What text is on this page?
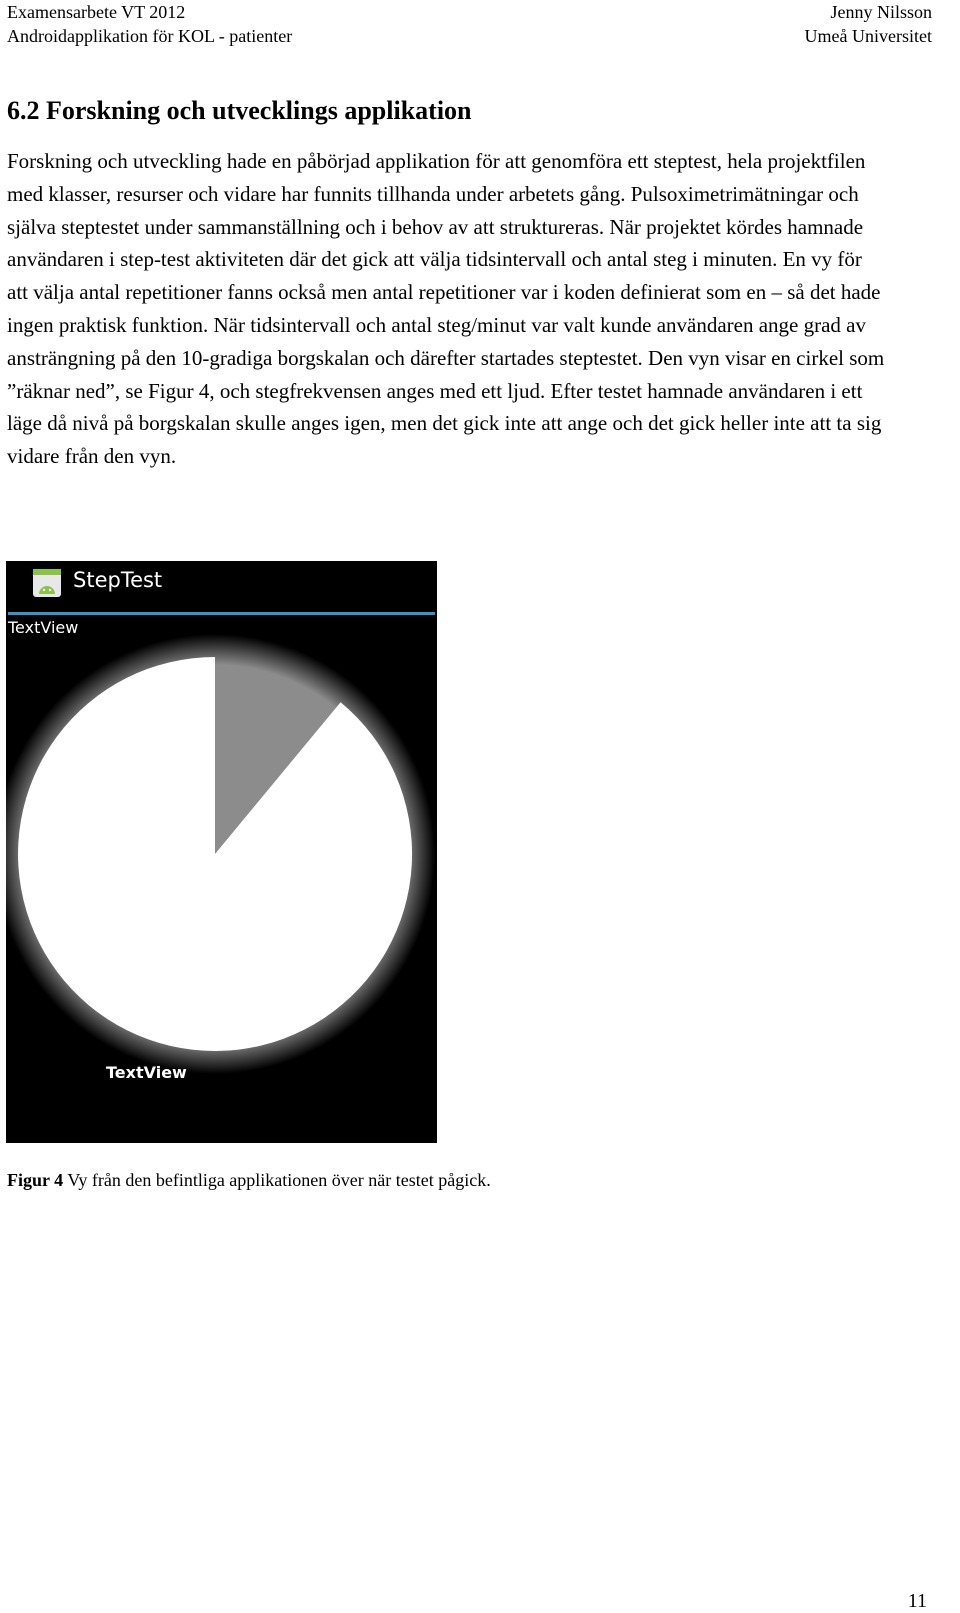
Examensarbete VT 2012
Androidapplikation för KOL - patienter
Jenny Nilsson
Umeå Universitet
6.2 Forskning och utvecklings applikation

Forskning och utveckling hade en påbörjad applikation för att genomföra ett steptest, hela projektfilen med klasser, resurser och vidare har funnits tillhanda under arbetets gång. Pulsoximetrimätningar och själva steptestet under sammanställning och i behov av att struktureras. När projektet kördes hamnade användaren i step-test aktiviteten där det gick att välja tidsintervall och antal steg i minuten. En vy för att välja antal repetitioner fanns också men antal repetitioner var i koden definierat som en – så det hade ingen praktisk funktion. När tidsintervall och antal steg/minut var valt kunde användaren ange grad av ansträngning på den 10-gradiga borgskalan och därefter startades steptestet. Den vyn visar en cirkel som ”räknar ned”, se Figur 4, och stegfrekvensen anges med ett ljud. Efter testet hamnade användaren i ett läge då nivå på borgskalan skulle anges igen, men det gick inte att ange och det gick heller inte att ta sig vidare från den vyn.

StepTest
TextView
TextView

Figur 4 Vy från den befintliga applikationen över när testet pågick.

11
